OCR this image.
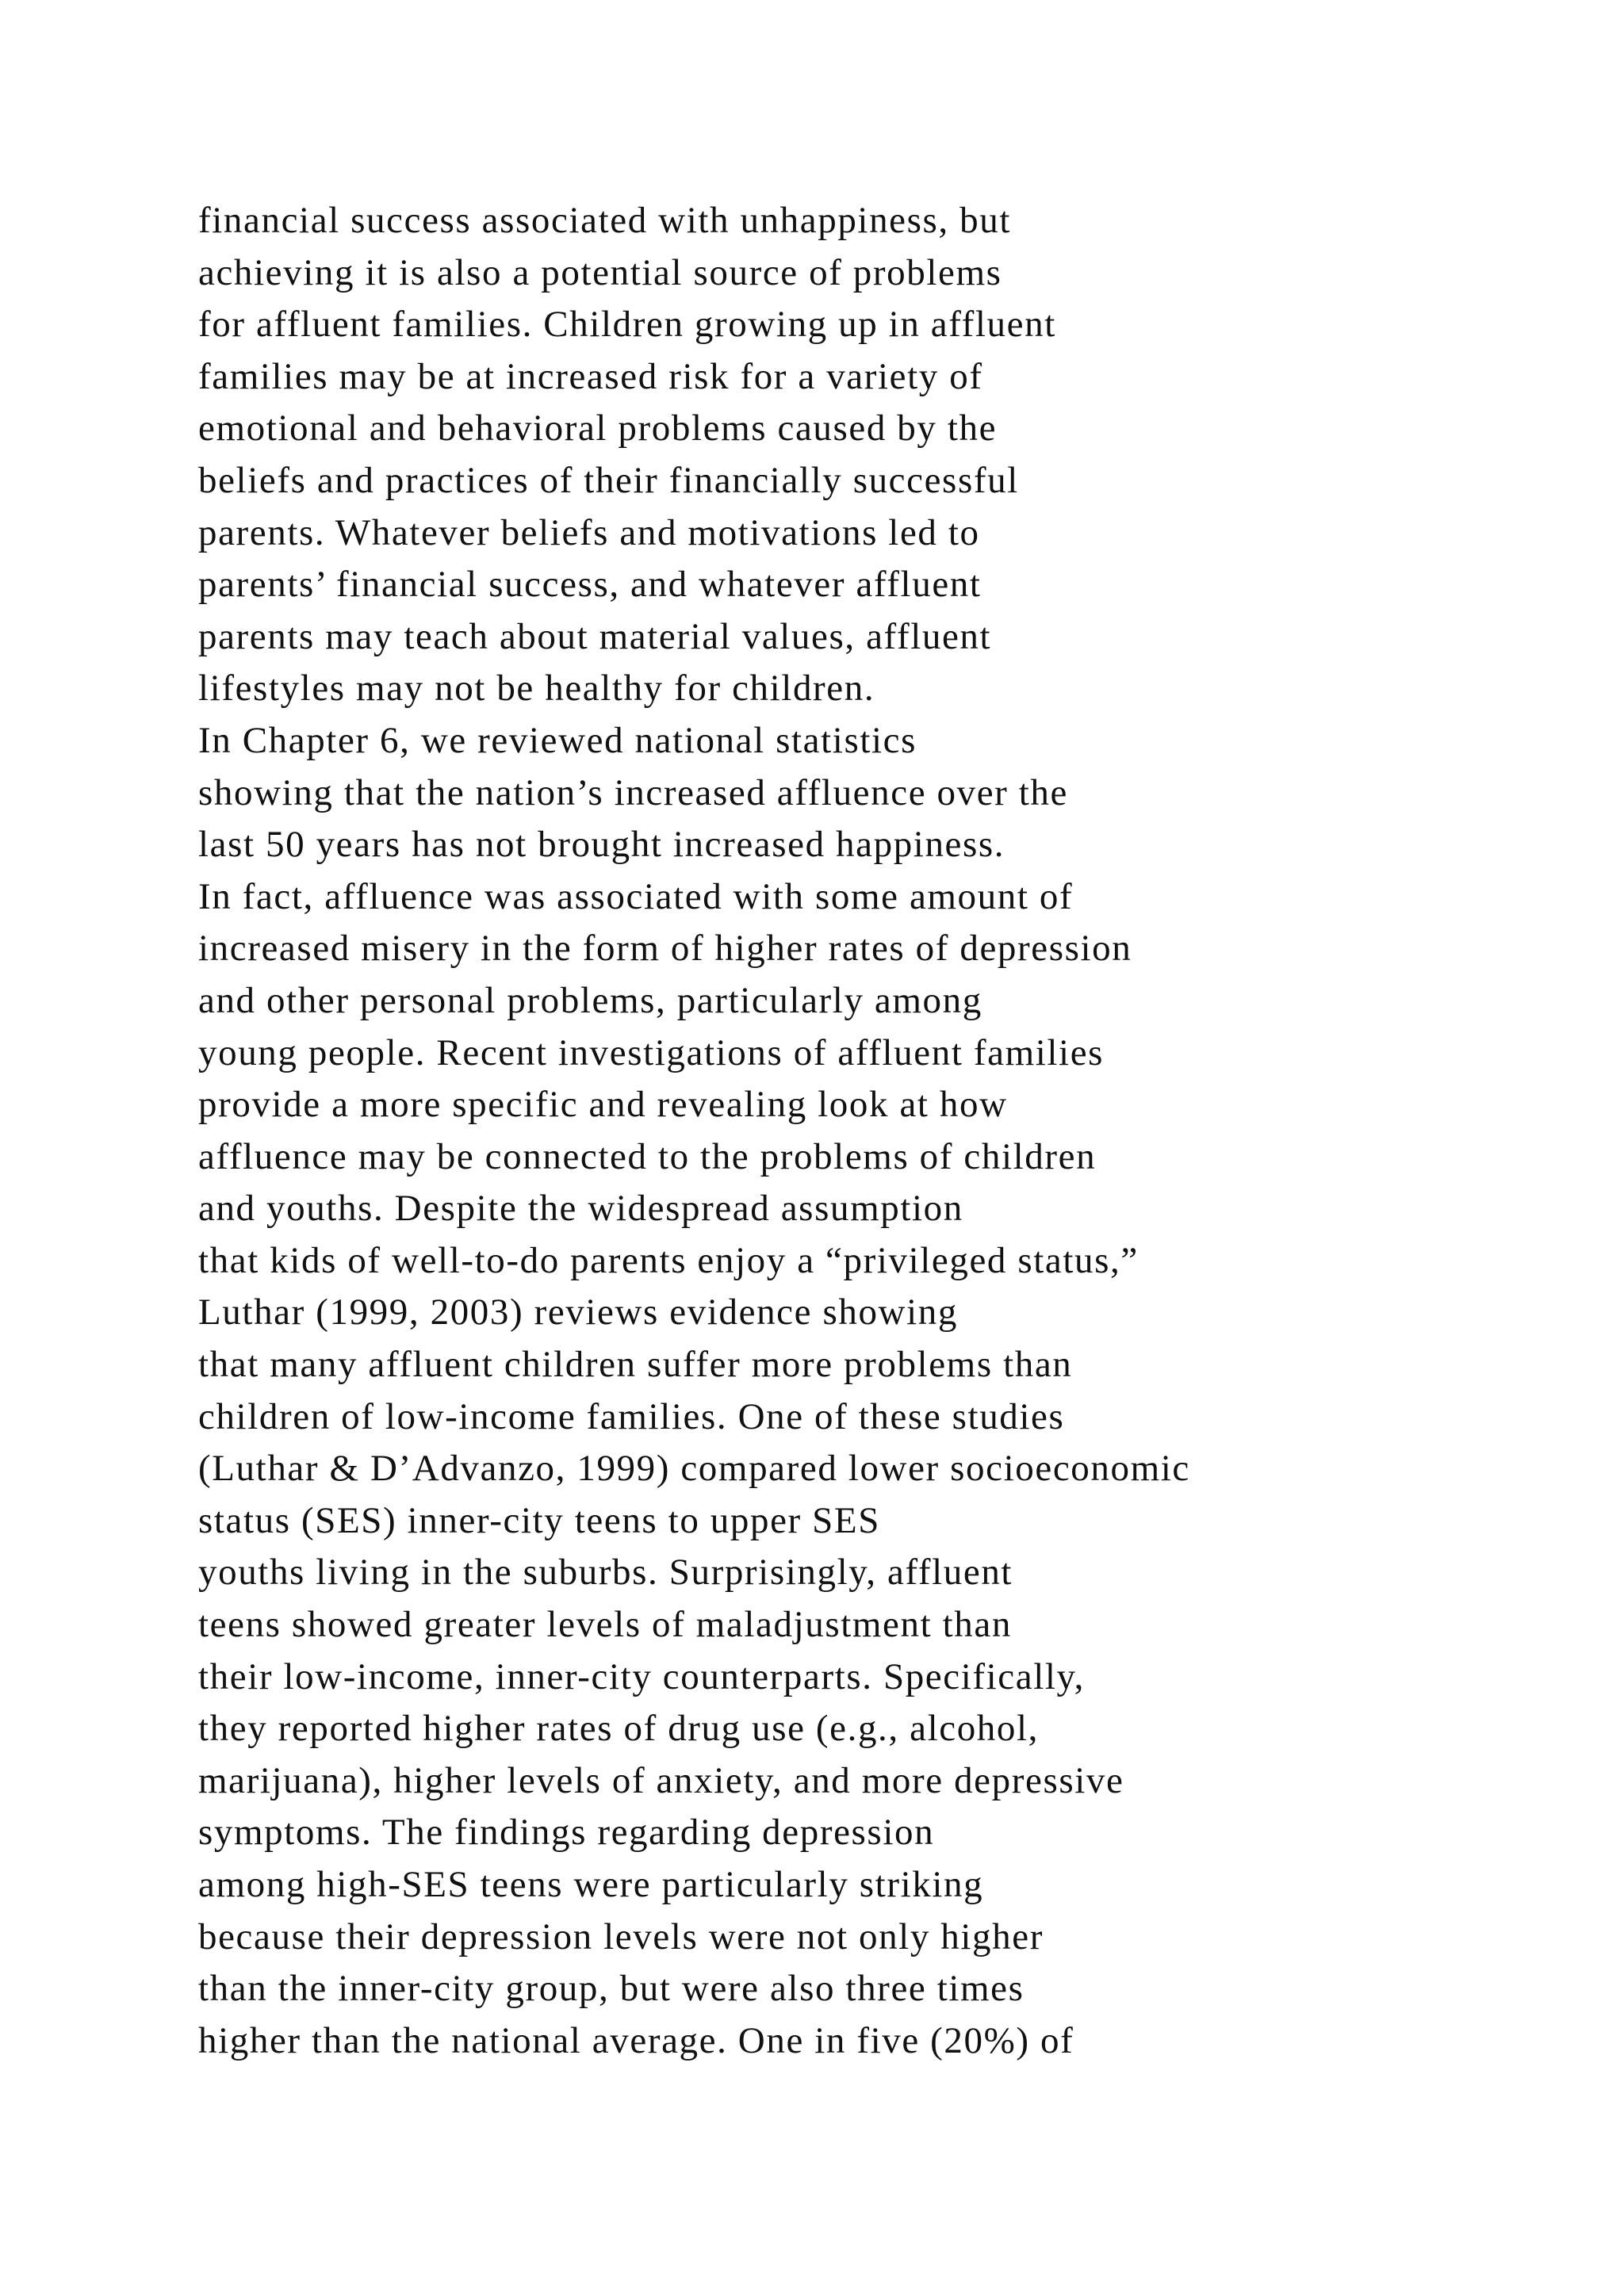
financial success associated with unhappiness, but
achieving it is also a potential source of problems
for affluent families. Children growing up in affluent
families may be at increased risk for a variety of
emotional and behavioral problems caused by the
beliefs and practices of their financially successful
parents. Whatever beliefs and motivations led to
parents’ financial success, and whatever affluent
parents may teach about material values, affluent
lifestyles may not be healthy for children.
In Chapter 6, we reviewed national statistics
showing that the nation’s increased affluence over the
last 50 years has not brought increased happiness.
In fact, affluence was associated with some amount of
increased misery in the form of higher rates of depression
and other personal problems, particularly among
young people. Recent investigations of affluent families
provide a more specific and revealing look at how
affluence may be connected to the problems of children
and youths. Despite the widespread assumption
that kids of well-to-do parents enjoy a “privileged status,”
Luthar (1999, 2003) reviews evidence showing
that many affluent children suffer more problems than
children of low-income families. One of these studies
(Luthar & D’Advanzo, 1999) compared lower socioeconomic
status (SES) inner-city teens to upper SES
youths living in the suburbs. Surprisingly, affluent
teens showed greater levels of maladjustment than
their low-income, inner-city counterparts. Specifically,
they reported higher rates of drug use (e.g., alcohol,
marijuana), higher levels of anxiety, and more depressive
symptoms. The findings regarding depression
among high-SES teens were particularly striking
because their depression levels were not only higher
than the inner-city group, but were also three times
higher than the national average. One in five (20%) of
